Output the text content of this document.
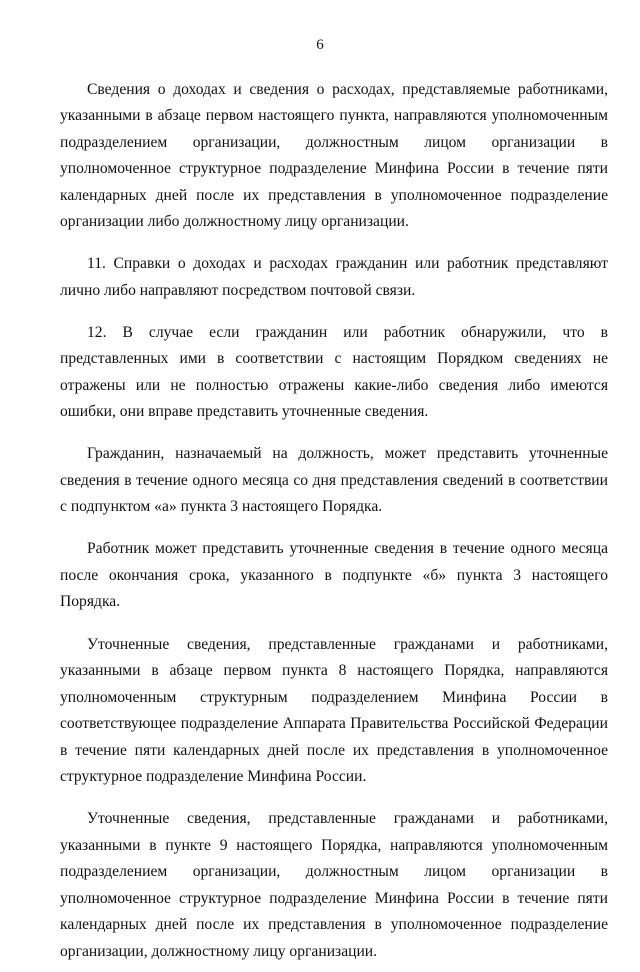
6

Сведения о доходах и сведения о расходах, представляемые работниками, указанными в абзаце первом настоящего пункта, направляются уполномоченным подразделением организации, должностным лицом организации в уполномоченное структурное подразделение Минфина России в течение пяти календарных дней после их представления в уполномоченное подразделение организации либо должностному лицу организации.

11. Справки о доходах и расходах гражданин или работник представляют лично либо направляют посредством почтовой связи.

12. В случае если гражданин или работник обнаружили, что в представленных ими в соответствии с настоящим Порядком сведениях не отражены или не полностью отражены какие-либо сведения либо имеются ошибки, они вправе представить уточненные сведения.

Гражданин, назначаемый на должность, может представить уточненные сведения в течение одного месяца со дня представления сведений в соответствии с подпунктом «а» пункта 3 настоящего Порядка.

Работник может представить уточненные сведения в течение одного месяца после окончания срока, указанного в подпункте «б» пункта 3 настоящего Порядка.

Уточненные сведения, представленные гражданами и работниками, указанными в абзаце первом пункта 8 настоящего Порядка, направляются уполномоченным структурным подразделением Минфина России в соответствующее подразделение Аппарата Правительства Российской Федерации в течение пяти календарных дней после их представления в уполномоченное структурное подразделение Минфина России.

Уточненные сведения, представленные гражданами и работниками, указанными в пункте 9 настоящего Порядка, направляются уполномоченным подразделением организации, должностным лицом организации в уполномоченное структурное подразделение Минфина России в течение пяти календарных дней после их представления в уполномоченное подразделение организации, должностному лицу организации.
